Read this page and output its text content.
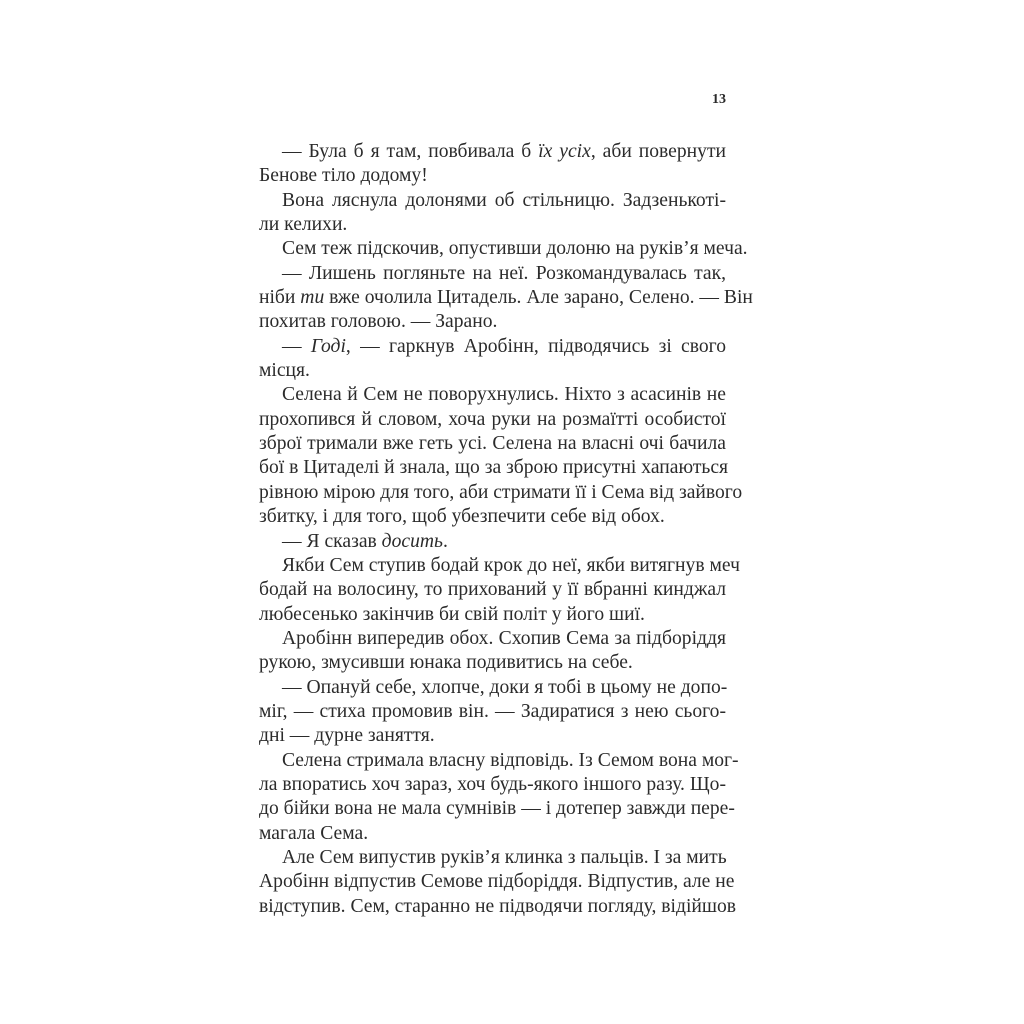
13
— Була б я там, повбивала б їх усіх, аби повернути
Бенове тіло додому!
Вона ляснула долонями об стільницю. Задзенькоті-
ли келихи.
Сем теж підскочив, опустивши долоню на руків’я меча.
— Лишень погляньте на неї. Розкомандувалась так,
ніби ти вже очолила Цитадель. Але зарано, Селено. — Він
похитав головою. — Зарано.
— Годі, — гаркнув Аробінн, підводячись зі свого
місця.
Селена й Сем не поворухнулись. Ніхто з асасинів не
прохопився й словом, хоча руки на розмаїтті особистої
зброї тримали вже геть усі. Селена на власні очі бачила
бої в Цитаделі й знала, що за зброю присутні хапаються
рівною мірою для того, аби стримати її і Сема від зайвого
збитку, і для того, щоб убезпечити себе від обох.
— Я сказав досить.
Якби Сем ступив бодай крок до неї, якби витягнув меч
бодай на волосину, то прихований у її вбранні кинджал
любесенько закінчив би свій політ у його шиї.
Аробінн випередив обох. Схопив Сема за підборіддя
рукою, змусивши юнака подивитись на себе.
— Опануй себе, хлопче, доки я тобі в цьому не допо-
міг, — стиха промовив він. — Задиратися з нею сього-
дні — дурне заняття.
Селена стримала власну відповідь. Із Семом вона мог-
ла впоратись хоч зараз, хоч будь-якого іншого разу. Що-
до бійки вона не мала сумнівів — і дотепер завжди пере-
магала Сема.
Але Сем випустив руків’я клинка з пальців. І за мить
Аробінн відпустив Семове підборіддя. Відпустив, але не
відступив. Сем, старанно не підводячи погляду, відійшов
